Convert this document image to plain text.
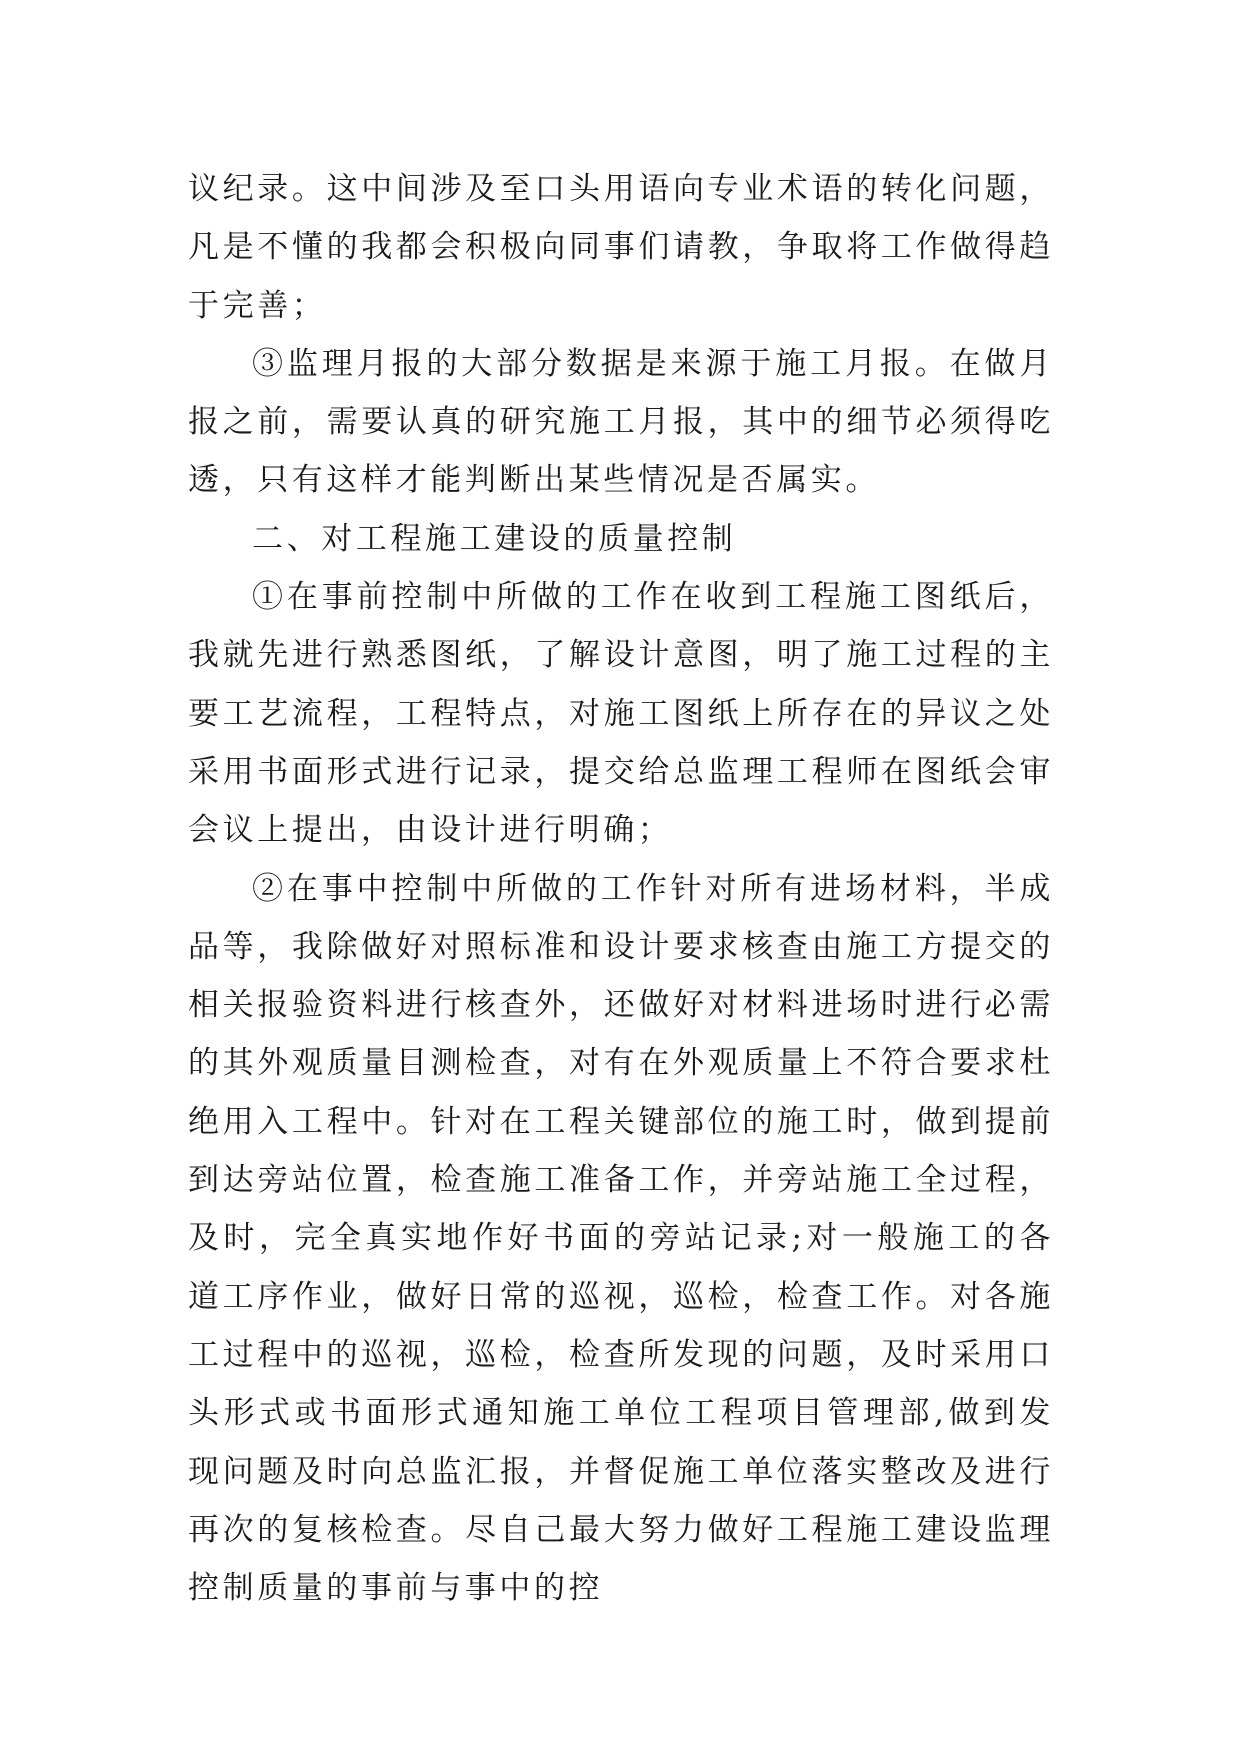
议纪录。这中间涉及至口头用语向专业术语的转化问题，凡是不懂的我都会积极向同事们请教，争取将工作做得趋于完善；

③监理月报的大部分数据是来源于施工月报。在做月报之前，需要认真的研究施工月报，其中的细节必须得吃透，只有这样才能判断出某些情况是否属实。

二、对工程施工建设的质量控制

①在事前控制中所做的工作在收到工程施工图纸后，我就先进行熟悉图纸，了解设计意图，明了施工过程的主要工艺流程，工程特点，对施工图纸上所存在的异议之处采用书面形式进行记录，提交给总监理工程师在图纸会审会议上提出，由设计进行明确；

②在事中控制中所做的工作针对所有进场材料，半成品等，我除做好对照标准和设计要求核查由施工方提交的相关报验资料进行核查外，还做好对材料进场时进行必需的其外观质量目测检查，对有在外观质量上不符合要求杜绝用入工程中。针对在工程关键部位的施工时，做到提前到达旁站位置，检查施工准备工作，并旁站施工全过程，及时，完全真实地作好书面的旁站记录;对一般施工的各道工序作业，做好日常的巡视，巡检，检查工作。对各施工过程中的巡视，巡检，检查所发现的问题，及时采用口头形式或书面形式通知施工单位工程项目管理部,做到发现问题及时向总监汇报，并督促施工单位落实整改及进行再次的复核检查。尽自己最大努力做好工程施工建设监理控制质量的事前与事中的控
